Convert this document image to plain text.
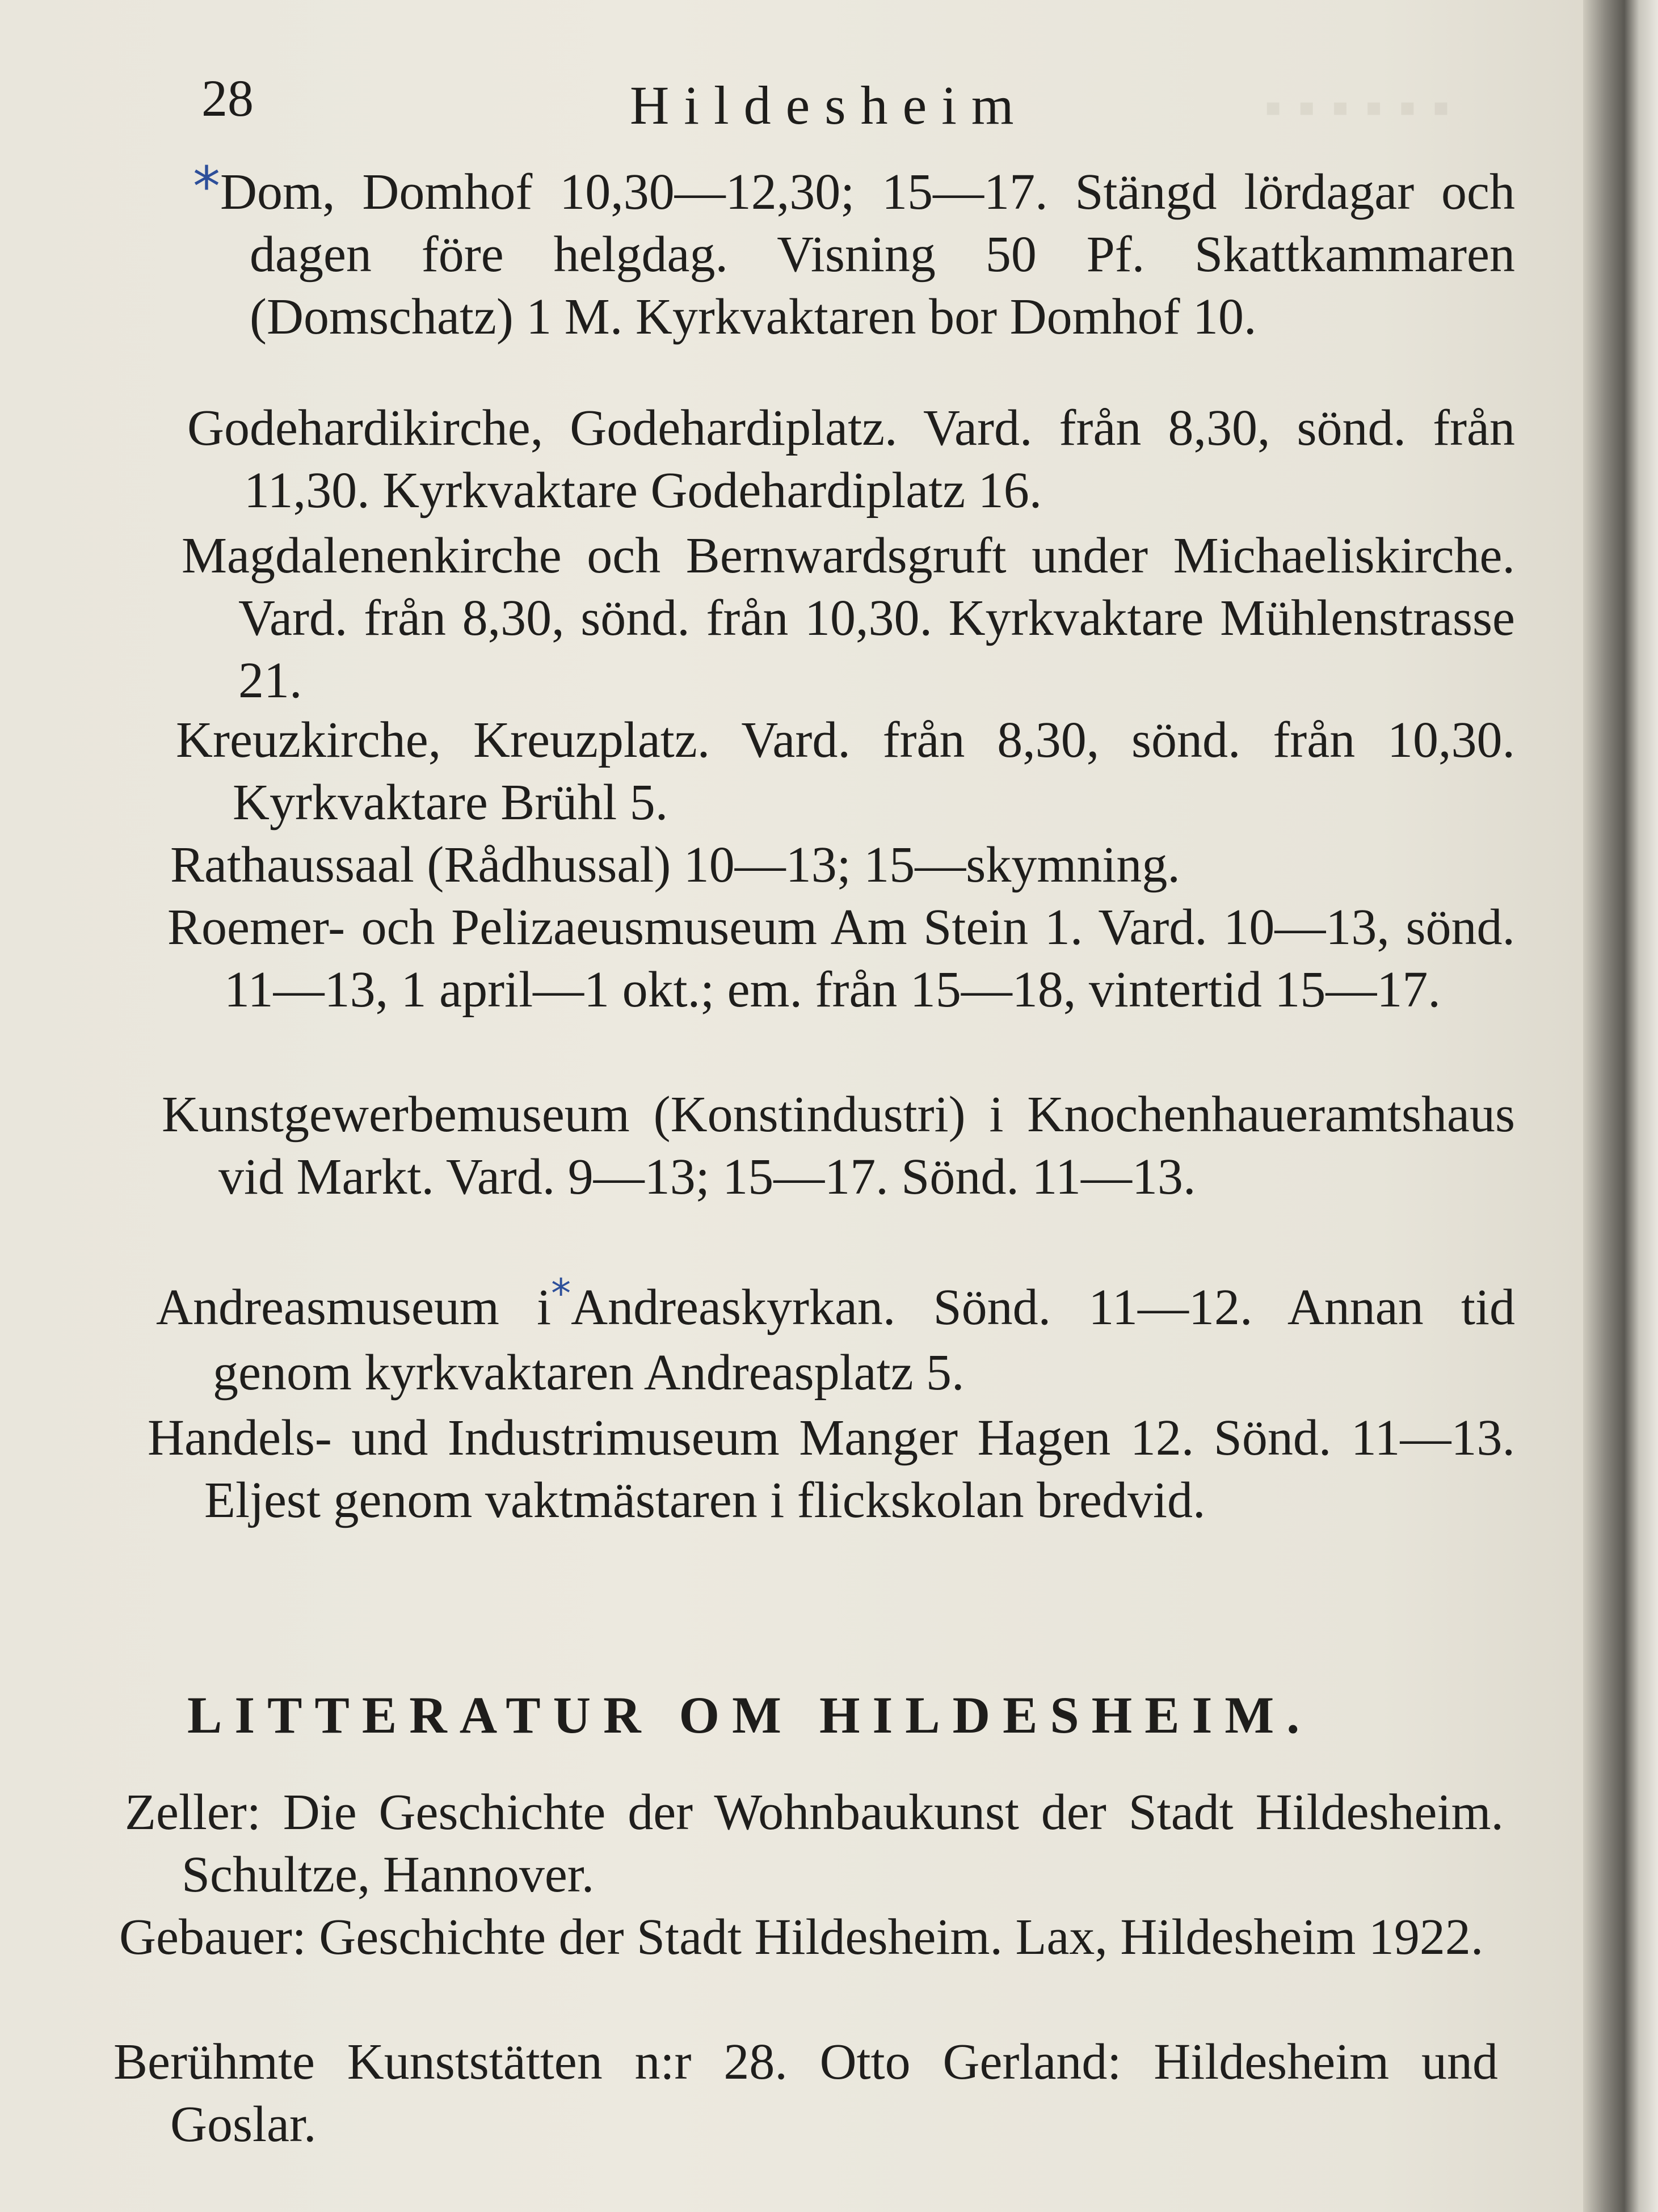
▪▪▪▪▪▪
28	Hildesheim
*Dom, Domhof 10,30—12,30; 15—17. Stängd lördagar och dagen före helgdag. Visning 50 Pf. Skattkammaren (Domschatz) 1 M. Kyrkvaktaren bor Domhof 10.
Godehardikirche, Godehardiplatz. Vard. från 8,30, sönd. från 11,30. Kyrkvaktare Godehardiplatz 16.
Magdalenenkirche och Bernwardsgruft under Michaeliskirche. Vard. från 8,30, sönd. från 10,30. Kyrkvaktare Mühlenstrasse 21.
Kreuzkirche, Kreuzplatz. Vard. från 8,30, sönd. från 10,30. Kyrkvaktare Brühl 5.
Rathaussaal (Rådhussal) 10—13; 15—skymning.
Roemer- och Pelizaeusmuseum Am Stein 1. Vard. 10—13, sönd. 11—13, 1 april—1 okt.; em. från 15—18, vintertid 15—17.
Kunstgewerbemuseum (Konstindustri) i Knochenhaueramtshaus vid Markt. Vard. 9—13; 15—17. Sönd. 11—13.
Andreasmuseum i*Andreaskyrkan. Sönd. 11—12. Annan tid genom kyrkvaktaren Andreasplatz 5.
Handels- und Industrimuseum Manger Hagen 12. Sönd. 11—13. Eljest genom vaktmästaren i flickskolan bredvid.
LITTERATUR OM HILDESHEIM.
Zeller: Die Geschichte der Wohnbaukunst der Stadt Hildesheim. Schultze, Hannover.
Gebauer: Geschichte der Stadt Hildesheim. Lax, Hildesheim 1922.
Berühmte Kunststätten n:r 28. Otto Gerland: Hildesheim und Goslar.
